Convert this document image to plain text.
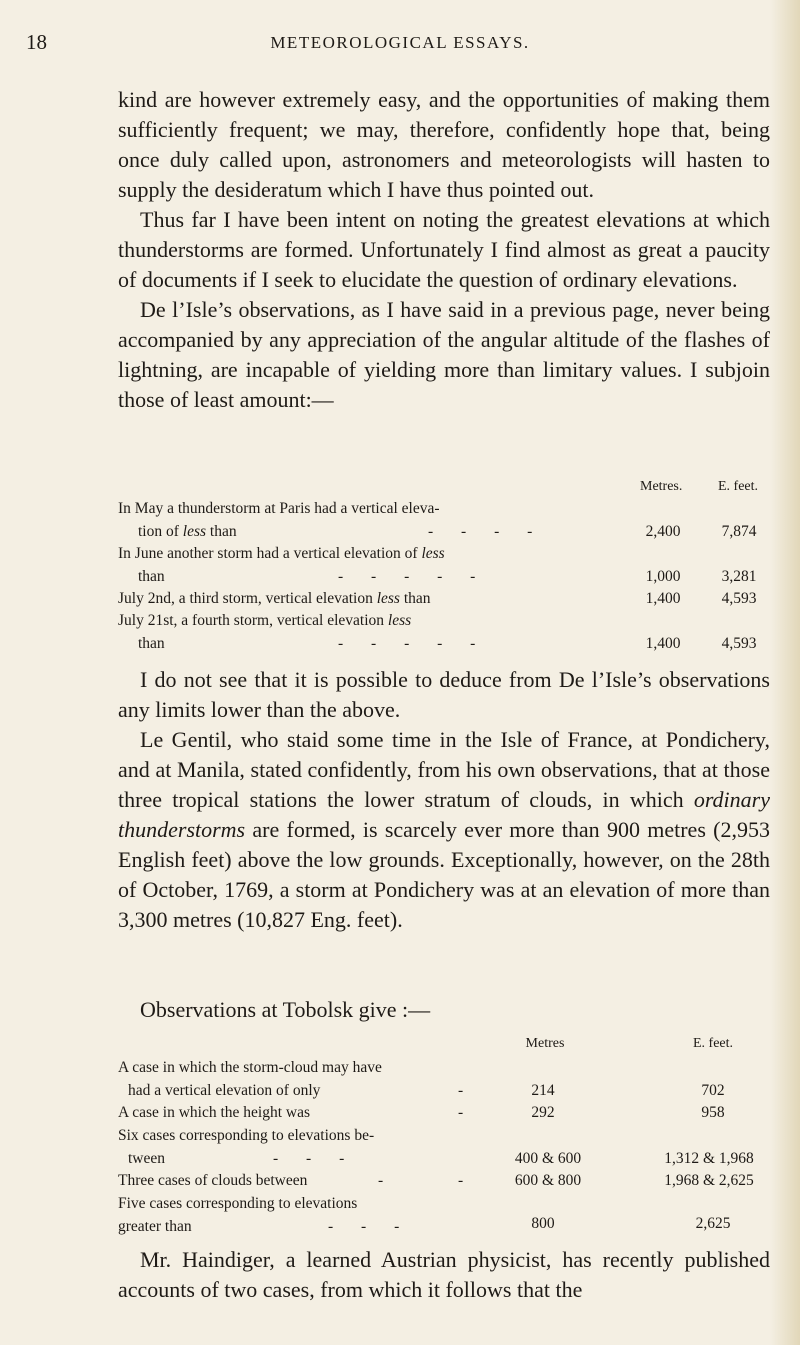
18	METEOROLOGICAL ESSAYS.

kind are however extremely easy, and the opportunities of making them sufficiently frequent; we may, therefore, confidently hope that, being once duly called upon, astronomers and meteorologists will hasten to supply the desideratum which I have thus pointed out.

Thus far I have been intent on noting the greatest elevations at which thunderstorms are formed. Unfortunately I find almost as great a paucity of documents if I seek to elucidate the question of ordinary elevations.

De l’Isle’s observations, as I have said in a previous page, never being accompanied by any appreciation of the angular altitude of the flashes of lightning, are incapable of yielding more than limitary values. I subjoin those of least amount:—

Metres.	E. feet.
In May a thunderstorm at Paris had a vertical eleva-
tion of less than	- - - -	2,400	7,874
In June another storm had a vertical elevation of less
than	- - - - -	1,000	3,281
July 2nd, a third storm, vertical elevation less than	1,400	4,593
July 21st, a fourth storm, vertical elevation less
than	- - - - -	1,400	4,593

I do not see that it is possible to deduce from De l’Isle’s observations any limits lower than the above.

Le Gentil, who staid some time in the Isle of France, at Pondichery, and at Manila, stated confidently, from his own observations, that at those three tropical stations the lower stratum of clouds, in which ordinary thunderstorms are formed, is scarcely ever more than 900 metres (2,953 English feet) above the low grounds. Exceptionally, however, on the 28th of October, 1769, a storm at Pondichery was at an elevation of more than 3,300 metres (10,827 Eng. feet).

Observations at Tobolsk give :—

Metres	E. feet.
A case in which the storm-cloud may have
had a vertical elevation of only	-	214	702
A case in which the height was	-	292	958
Six cases corresponding to elevations be-
tween	- - -	400 & 600	1,312 & 1,968
Three cases of clouds between	-	-	600 & 800	1,968 & 2,625
Five cases corresponding to elevations
greater than	- - -	800	2,625

Mr. Haindiger, a learned Austrian physicist, has recently published accounts of two cases, from which it follows that the
